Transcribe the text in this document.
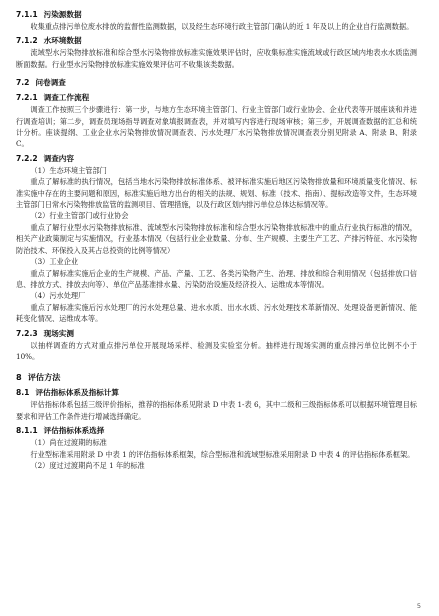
7.1.1 污染源数据

收集重点排污单位废水排放的监督性监测数据，以及经生态环境行政主管部门确认的近 1 年及以上的企业自行监测数据。

7.1.2 水环境数据

流域型水污染物排放标准和综合型水污染物排放标准实施效果评估时，应收集标准实施流域或行政区域内地表水水质监测断面数据。行业型水污染物排放标准实施效果评估可不收集该类数据。

7.2 问卷调查
7.2.1 调查工作流程

调查工作按照三个步骤进行：第一步，与地方生态环境主管部门、行业主管部门或行业协会、企业代表等开展座谈和并进行调查培训；第二步，调查员现场指导调查对象填报调查表，并对填写内容进行现场审核；第三步，开展调查数据的汇总和统计分析。座谈提纲、工业企业水污染物排放情况调查表、污水处理厂水污染物排放情况调查表分别见附录 A、附录 B、附录 C。

7.2.2 调查内容
（1）生态环境主管部门

重点了解标准的执行情况，包括当地水污染物排放标准体系、被评标准实施后地区污染物排放量和环境质量变化情况、标准实施中存在的主要问题和原因，标准实施后地方出台的相关的法规、规划、标准（技术、指南）、提标改造等文件，生态环境主管部门日常水污染物排放监管的监测项目、管理措施，以及行政区划内排污单位总体达标情况等。

（2）行业主管部门或行业协会

重点了解行业型水污染物排放标准、流域型水污染物排放标准和综合型水污染物排放标准中的重点行业执行标准的情况，相关产业政策制定与实施情况，行业基本情况（包括行业企业数量、分布、生产规模、主要生产工艺、产排污特征、水污染物防治技术、环保投入及其占总投资的比例等情况）

（3）工业企业

重点了解标准实施后企业的生产规模、产品、产量、工艺、各类污染物产生、治理、排放和综合利用情况（包括排放口信息、排放方式、排放去向等）、单位产品基准排水量、污染防治设施及经济投入、运维成本等情况。

（4）污水处理厂

重点了解标准实施后污水处理厂的污水处理总量、进水水质、出水水质、污水处理技术革新情况、处理设备更新情况、能耗变化情况、运维成本等。

7.2.3 现场实测

以抽样调查的方式对重点排污单位开展现场采样、检测及实验室分析。抽样进行现场实测的重点排污单位比例不小于 10%。

8 评估方法
8.1 评估指标体系及指标计算

评估指标体系包括三级评价指标，推荐的指标体系见附录 D 中表 1-表 6，其中二级和三级指标体系可以根据环境管理目标要求和评估工作条件进行增减选择确定。

8.1.1 评估指标体系选择
（1）尚在过渡期的标准

行业型标准采用附录 D 中表 1 的评估指标体系框架，综合型标准和流域型标准采用附录 D 中表 4 的评估指标体系框架。

（2）度过过渡期尚不足 1 年的标准
5
